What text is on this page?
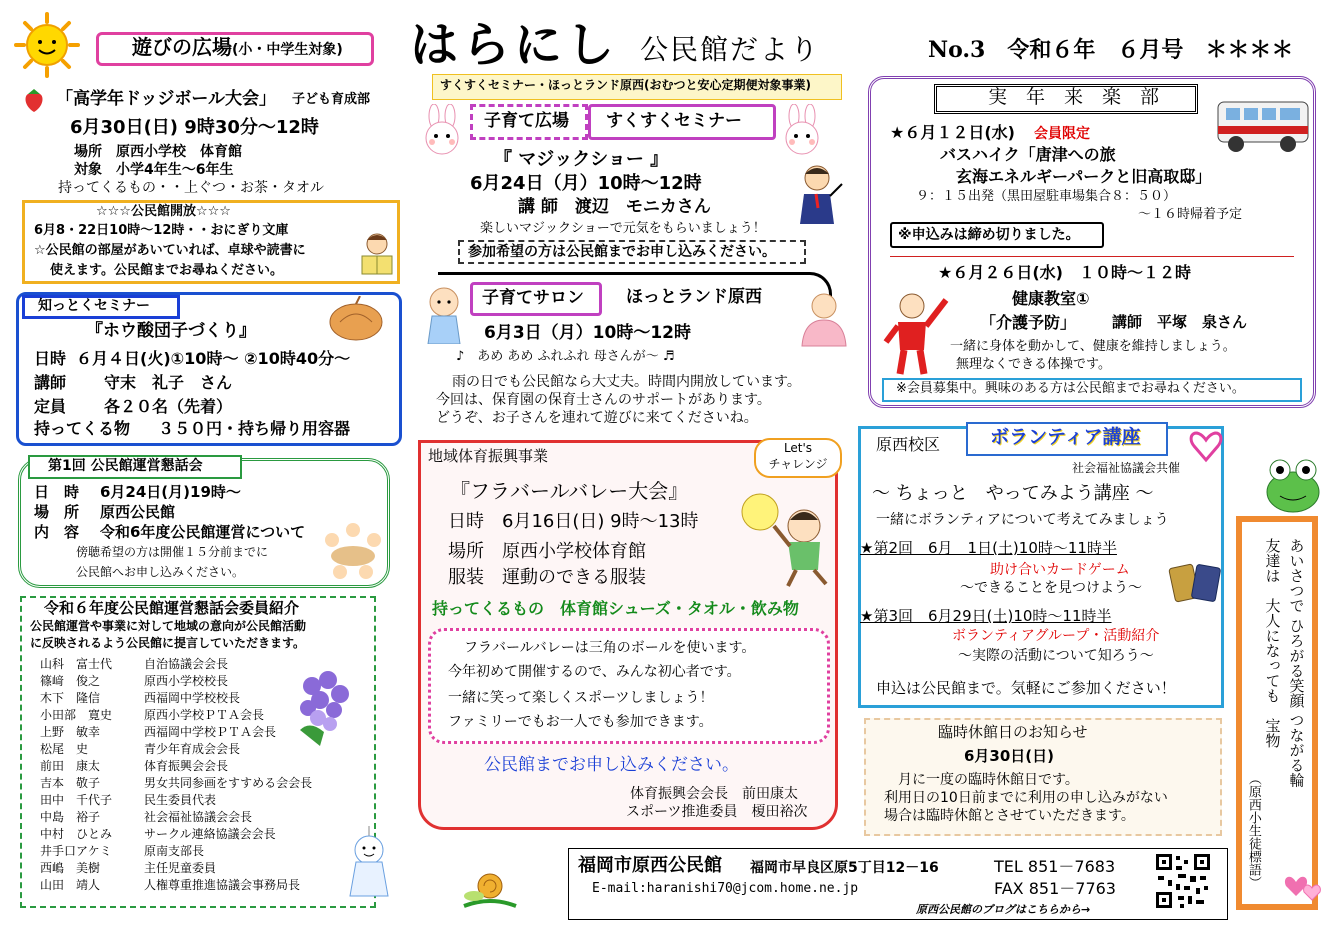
遊びの広場 (小・中学生対象) はらにし 公民館だより	No.3　令和６年　６月号　＊＊＊＊
「高学年ドッジボール大会」 子ども育成部
6月30日(日) 9時30分～12時
場所　原西小学校　体育館
対象　小学4年生～6年生
持ってくるもの・・上ぐつ・お茶・タオル
☆☆☆公民館開放☆☆☆
6月8・22日10時～12時・・おにぎり文庫
☆公民館の部屋があいていれば、卓球や読書に
使えます。公民館までお尋ねください。
知っとくセミナー
『ホウ酸団子づくり』
日時 ６月４日(火)①10時～ ②10時40分～
講師 守末　礼子　さん
定員 各２０名（先着）
持ってくる物 ３５０円・持ち帰り用容器
第1回 公民館運営懇話会
日　時 6月24日(月)19時～
場　所 原西公民館
内　容 令和6年度公民館運営について
傍聴希望の方は開催１５分前までに
公民館へお申し込みください。
令和６年度公民館運営懇話会委員紹介
公民館運営や事業に対して地域の意向が公民館活動
に反映されるよう公民館に提言していただきます。
山科　富士代	自治協議会会長
篠﨑　俊之	原西小学校校長
木下　隆信	西福岡中学校校長
小田部　寛史	原西小学校ＰＴＡ会長
上野　敏幸	西福岡中学校ＰＴＡ会長
松尾　史	青少年育成会会長
前田　康太	体育振興会会長
吉本　敬子	男女共同参画をすすめる会会長
田中　千代子	民生委員代表
中島　裕子	社会福祉協議会会長
中村　ひとみ	サークル連絡協議会会長
井手口アケミ	原南支部長
西嶋　美樹	主任児童委員
山田　靖人	人権尊重推進協議会事務局長
すくすくセミナー・ほっとランド原西(おむつと安心定期便対象事業)
子育て広場 すくすくセミナー
『 マジックショー 』
6月24日（月）10時～12時
講 師　渡辺　モニカさん
楽しいマジックショーで元気をもらいましょう！
参加希望の方は公民館までお申し込みください。
子育てサロン ほっとランド原西
6月3日（月）10時～12時
♪　あめ あめ ふれふれ 母さんが～ ♬
雨の日でも公民館なら大丈夫。時間内開放しています。
今回は、保育園の保育士さんのサポートがあります。
どうぞ、お子さんを連れて遊びに来てくださいね。
地域体育振興事業	Let's
チャレンジ
『フラバールバレー大会』
日時　6月16日(日) 9時～13時
場所　原西小学校体育館
服装　運動のできる服装
持ってくるもの　体育館シューズ・タオル・飲み物
フラバールバレーは三角のボールを使います。
今年初めて開催するので、みんな初心者です。
一緒に笑って楽しくスポーツしましょう！
ファミリーでもお一人でも参加できます。
公民館までお申し込みください。
体育振興会会長　前田康太
スポーツ推進委員　榎田裕次
福岡市原西公民館 福岡市早良区原5丁目12－16	TEL 851－7683
E-mail:haranishi70@jcom.home.ne.jp	FAX 851－7763
原西公民館のブログはこちらから→
実　年　来　楽　部
★６月１２日(水) 会員限定
バスハイク「唐津への旅
玄海エネルギーパークと旧高取邸」
９：１５出発（黒田屋駐車場集合８：５０）
～１６時帰着予定
※申込みは締め切りました。
★６月２６日(水)　１０時～１２時
健康教室①
「介護予防」 講師　平塚　泉さん
一緒に身体を動かして、健康を維持しましょう。
無理なくできる体操です。
※会員募集中。興味のある方は公民館までお尋ねください。
原西校区	ボランティア講座
社会福祉協議会共催
～ ちょっと　やってみよう講座 ～
一緒にボランティアについて考えてみましょう
★第2回　6月　1日(土)10時～11時半
助け合いカードゲーム
～できることを見つけよう～
★第3回　6月29日(土)10時～11時半
ボランティアグループ・活動紹介
～実際の活動について知ろう～
申込は公民館まで。気軽にご参加ください！
臨時休館日のお知らせ
6月30日(日)
月に一度の臨時休館日です。
利用日の10日前までに利用の申し込みがない
場合は臨時休館とさせていただきます。
あいさつで ひろがる笑顔 つながる輪
友達は　大人になっても　宝物
（原西小生徒標語）
